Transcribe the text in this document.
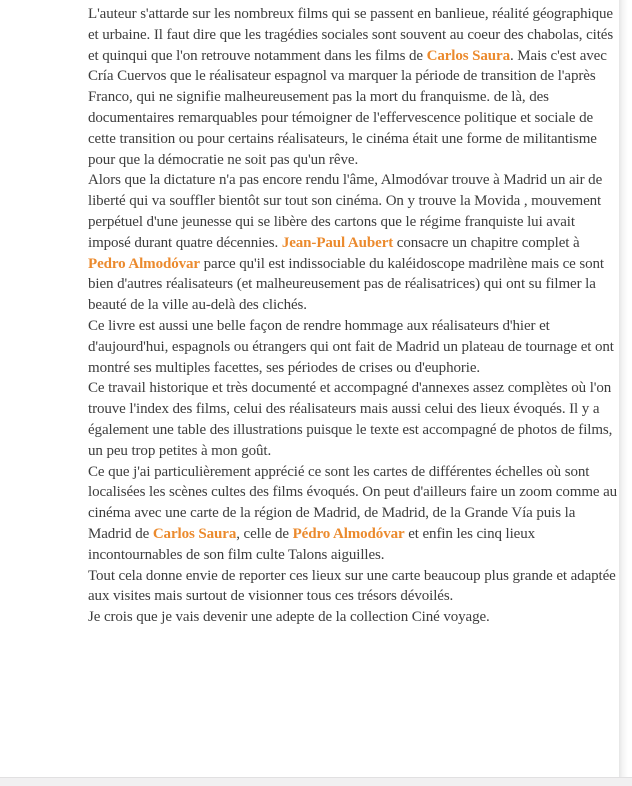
L'auteur s'attarde sur les nombreux films qui se passent en banlieue, réalité géographique et urbaine. Il faut dire que les tragédies sociales sont souvent au coeur des chabolas, cités et quinqui que l'on retrouve notamment dans les films de Carlos Saura. Mais c'est avec Cría Cuervos que le réalisateur espagnol va marquer la période de transition de l'après Franco, qui ne signifie malheureusement pas la mort du franquisme. de là, des documentaires remarquables pour témoigner de l'effervescence politique et sociale de cette transition ou pour certains réalisateurs, le cinéma était une forme de militantisme pour que la démocratie ne soit pas qu'un rêve.

Alors que la dictature n'a pas encore rendu l'âme, Almodóvar trouve à Madrid un air de liberté qui va souffler bientôt sur tout son cinéma. On y trouve la Movida , mouvement perpétuel d'une jeunesse qui se libère des cartons que le régime franquiste lui avait imposé durant quatre décennies. Jean-Paul Aubert consacre un chapitre complet à Pedro Almodóvar parce qu'il est indissociable du kaléidoscope madrilène mais ce sont bien d'autres réalisateurs (et malheureusement pas de réalisatrices) qui ont su filmer la beauté de la ville au-delà des clichés.

Ce livre est aussi une belle façon de rendre hommage aux réalisateurs d'hier et d'aujourd'hui, espagnols ou étrangers qui ont fait de Madrid un plateau de tournage et ont montré ses multiples facettes, ses périodes de crises ou d'euphorie.

Ce travail historique et très documenté et accompagné d'annexes assez complètes où l'on trouve l'index des films, celui des réalisateurs mais aussi celui des lieux évoqués. Il y a également une table des illustrations puisque le texte est accompagné de photos de films, un peu trop petites à mon goût.

Ce que j'ai particulièrement apprécié ce sont les cartes de différentes échelles où sont localisées les scènes cultes des films évoqués. On peut d'ailleurs faire un zoom comme au cinéma avec une carte de la région de Madrid, de Madrid, de la Grande Vía puis la Madrid de Carlos Saura, celle de Pédro Almodóvar et enfin les cinq lieux incontournables de son film culte Talons aiguilles.

Tout cela donne envie de reporter ces lieux sur une carte beaucoup plus grande et adaptée aux visites mais surtout de visionner tous ces trésors dévoilés.

Je crois que je vais devenir une adepte de la collection Ciné voyage.
